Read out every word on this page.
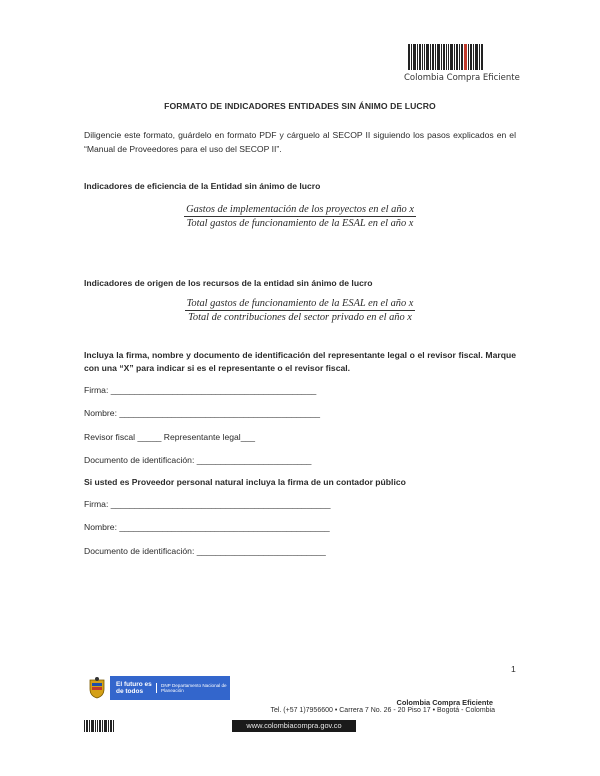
Colombia Compra Eficiente
FORMATO DE INDICADORES ENTIDADES SIN ÁNIMO DE LUCRO
Diligencie este formato, guárdelo en formato PDF y cárguelo al SECOP II siguiendo los pasos explicados en el “Manual de Proveedores para el uso del SECOP II”.
Indicadores de eficiencia de la Entidad sin ánimo de lucro
Gastos de implementación de los proyectos en el año x
Total gastos de funcionamiento de la ESAL en el año x
Indicadores de origen de los recursos de la entidad sin ánimo de lucro
Total gastos de funcionamiento de la ESAL en el año x
Total de contribuciones del sector privado en el año x
Incluya la firma, nombre y documento de identificación del representante legal o el revisor fiscal. Marque con una “X” para indicar si es el representante o el revisor fiscal.
Firma: ___________________________________________
Nombre: __________________________________________
Revisor fiscal _____ Representante legal___
Documento de identificación: ________________________
Si usted es Proveedor personal natural incluya la firma de un contador público
Firma: ______________________________________________
Nombre: ____________________________________________
Documento de identificación: ___________________________
1
El futuro es de todos
DNP Departamento Nacional de Planeación
Colombia Compra Eficiente
Tel. (+57 1)7956600 • Carrera 7 No. 26 - 20 Piso 17 • Bogotá - Colombia
www.colombiacompra.gov.co
